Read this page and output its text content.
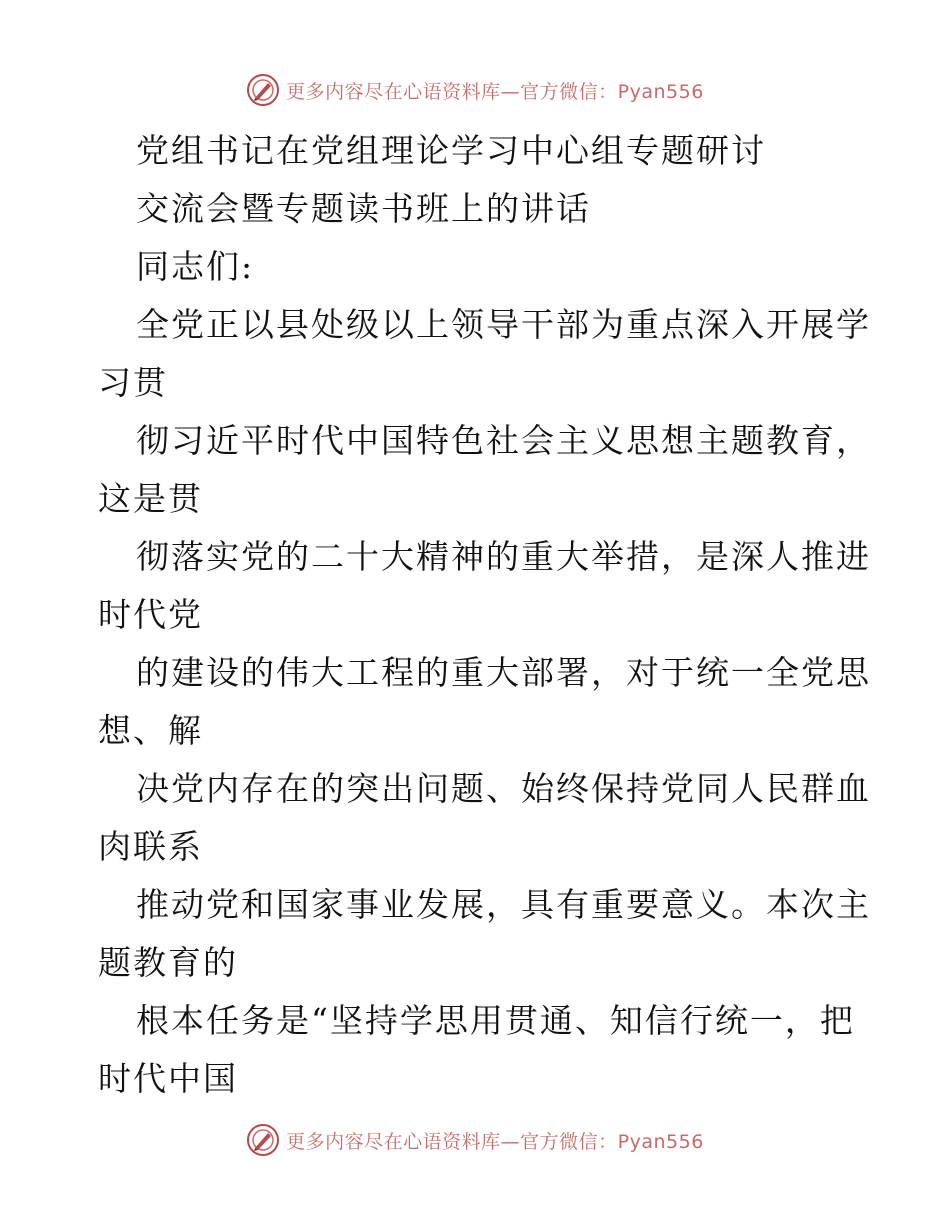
更多内容尽在心语资料库—官方微信：Pyan556
党组书记在党组理论学习中心组专题研讨
交流会暨专题读书班上的讲话
同志们:
全党正以县处级以上领导干部为重点深入开展学
习贯
彻习近平时代中国特色社会主义思想主题教育，
这是贯
彻落实党的二十大精神的重大举措，是深人推进
时代党
的建设的伟大工程的重大部署，对于统一全党思
想、解
决党内存在的突出问题、始终保持党同人民群血
肉联系
推动党和国家事业发展，具有重要意义。本次主
题教育的
根本任务是“坚持学思用贯通、知信行统一，把
时代中国
更多内容尽在心语资料库—官方微信：Pyan556
